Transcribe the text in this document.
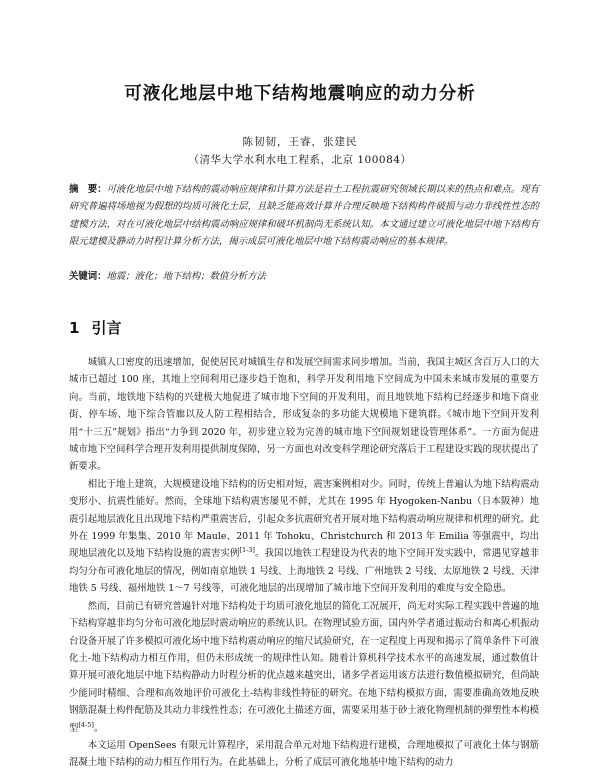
可液化地层中地下结构地震响应的动力分析
陈韧韧，王睿，张建民
（清华大学水利水电工程系，北京 100084）
摘　要：可液化地层中地下结构的震动响应规律和计算方法是岩土工程抗震研究领域长期以来的热点和难点。现有研究普遍将场地视为假想的均质可液化土层，且缺乏能高效计算并合理反映地下结构构件破损与动力非线性性态的建模方法，对在可液化地层中结构震动响应规律和破坏机制尚无系统认知。本文通过建立可液化地层中地下结构有限元建模及静动力时程计算分析方法，揭示成层可液化地层中地下结构震动响应的基本规律。
关键词：地震；液化；地下结构；数值分析方法
1 引言

城镇人口密度的迅速增加，促使居民对城镇生存和发展空间需求同步增加。当前，我国主城区含百万人口的大城市已超过 100 座，其地上空间利用已逐步趋于饱和，科学开发利用地下空间成为中国未来城市发展的重要方向。当前，地铁地下结构的兴建极大地促进了城市地下空间的开发利用，而且地铁地下结构已经逐步和地下商业街、停车场、地下综合管廊以及人防工程相结合，形成复杂的多功能大规模地下建筑群。《城市地下空间开发利用“十三五”规划》指出“力争到 2020 年，初步建立较为完善的城市地下空间规划建设管理体系”。一方面为促进城市地下空间科学合理开发利用提供制度保障，另一方面也对改变科学理论研究落后于工程建设实践的现状提出了新要求。

相比于地上建筑，大规模建设地下结构的历史相对短，震害案例相对少。同时，传统上普遍认为地下结构震动变形小、抗震性能好。然而，全球地下结构震害屡见不鲜，尤其在 1995 年 Hyogoken-Nanbu（日本阪神）地震引起地层液化且出现地下结构严重震害后，引起众多抗震研究者开展对地下结构震动响应规律和机理的研究。此外在 1999 年集集、2010 年 Maule、2011 年 Tohoku、Christchurch 和 2013 年 Emilia 等强震中，均出现地层液化以及地下结构设施的震害实例[1-3]。我国以地铁工程建设为代表的地下空间开发实践中，常遇见穿越非均匀分布可液化地层的情况，例如南京地铁 1 号线、上海地铁 2 号线、广州地铁 2 号线、太原地铁 2 号线、天津地铁 5 号线、福州地铁 1～7 号线等，可液化地层的出现增加了城市地下空间开发利用的难度与安全隐患。

然而，目前已有研究普遍针对地下结构处于均质可液化地层的简化工况展开，尚无对实际工程实践中普遍的地下结构穿越非均匀分布可液化地层时震动响应的系统认识。在物理试验方面，国内外学者通过振动台和离心机振动台设备开展了许多模拟可液化场中地下结构震动响应的缩尺试验研究，在一定程度上再现和揭示了简单条件下可液化土-地下结构动力相互作用，但仍未形成统一的规律性认知。随着计算机科学技术水平的高速发展，通过数值计算开展可液化地层中地下结构静动力时程分析的优点越来越突出，诸多学者运用该方法进行数值模拟研究，但尚缺少能同时精细、合理和高效地评价可液化土-结构非线性特征的研究。在地下结构模拟方面，需要准确高效地反映钢筋混凝土构件配筋及其动力非线性性态；在可液化土描述方面，需要采用基于砂土液化物理机制的弹塑性本构模型[4-5]。

本文运用 OpenSees 有限元计算程序，采用混合单元对地下结构进行建模，合理地模拟了可液化土体与钢筋混凝土地下结构的动力相互作用行为。在此基础上，分析了成层可液化地基中地下结构的动力
